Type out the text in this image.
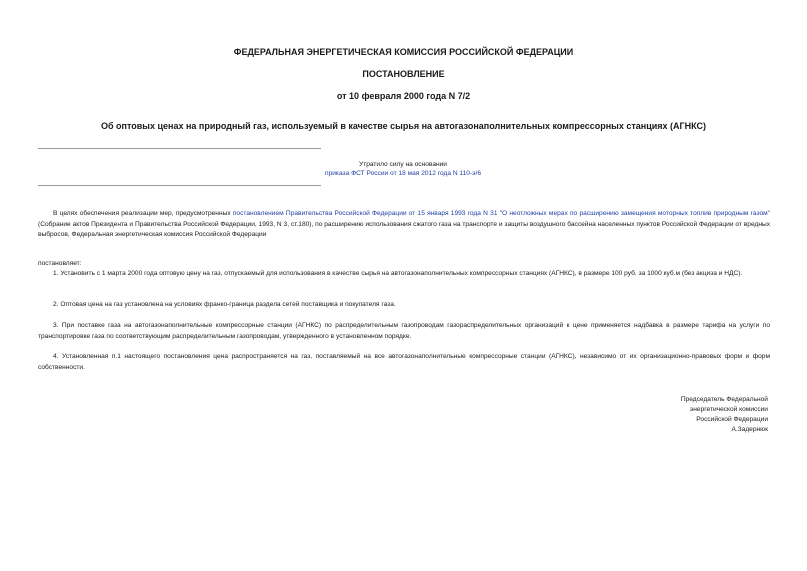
ФЕДЕРАЛЬНАЯ ЭНЕРГЕТИЧЕСКАЯ КОМИССИЯ РОССИЙСКОЙ ФЕДЕРАЦИИ
ПОСТАНОВЛЕНИЕ
от 10 февраля 2000 года N 7/2
Об оптовых ценах на природный газ, используемый в качестве сырья на автогазонаполнительных компрессорных станциях (АГНКС)
Утратило силу на основании
приказа ФСТ России от 18 мая 2012 года N 110-э/6

В целях обеспечения реализации мер, предусмотренных постановлением Правительства Российской Федерации от 15 января 1993 года N 31 "О неотложных мерах по расширению замещения моторных топлив природным газом" (Собрание актов Президента и Правительства Российской Федерации, 1993, N 3, ст.180), по расширению использования сжатого газа на транспорте и защиты воздушного бассейна населенных пунктов Российской Федерации от вредных выбросов, Федеральная энергетическая комиссия Российской Федерации

постановляет:

1. Установить с 1 марта 2000 года оптовую цену на газ, отпускаемый для использования в качестве сырья на автогазонаполнительных компрессорных станциях (АГНКС), в размере 100 руб. за 1000 куб.м (без акциза и НДС).

2. Оптовая цена на газ установлена на условиях франко-граница раздела сетей поставщика и покупателя газа.

3. При поставке газа на автогазонаполнительные компрессорные станции (АГНКС) по распределительным газопроводам газораспределительных организаций к цене применяется надбавка в размере тарифа на услуги по транспортировке газа по соответствующим распределительным газопроводам, утвержденного в установленном порядке.

4. Установленная п.1 настоящего постановления цена распространяется на газ, поставляемый на все автогазонаполнительные компрессорные станции (АГНКС), независимо от их организационно-правовых форм и форм собственности.

Председатель Федеральной
энергетической комиссии
Российской Федерации
А.Задернюк
